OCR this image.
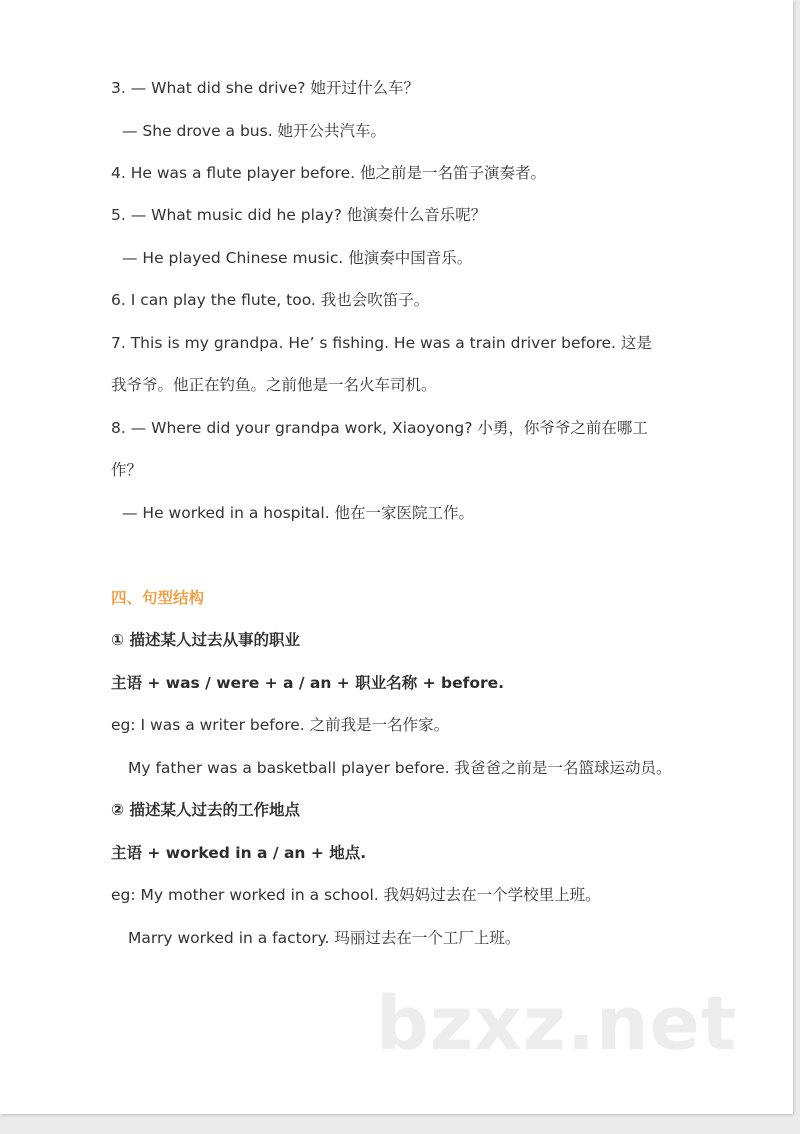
3. — What did she drive? 她开过什么车？
— She drove a bus. 她开公共汽车。
4. He was a flute player before. 他之前是一名笛子演奏者。
5. — What music did he play? 他演奏什么音乐呢？
— He played Chinese music. 他演奏中国音乐。
6. I can play the flute, too. 我也会吹笛子。
7. This is my grandpa. He’ s fishing. He was a train driver before. 这是
我爷爷。他正在钓鱼。之前他是一名火车司机。
8. — Where did your grandpa work, Xiaoyong? 小勇，你爷爷之前在哪工
作？
— He worked in a hospital. 他在一家医院工作。
四、句型结构
① 描述某人过去从事的职业
主语 + was / were + a / an + 职业名称 + before.
eg: I was a writer before. 之前我是一名作家。
My father was a basketball player before. 我爸爸之前是一名篮球运动员。
② 描述某人过去的工作地点
主语 + worked in a / an + 地点.
eg: My mother worked in a school. 我妈妈过去在一个学校里上班。
Marry worked in a factory. 玛丽过去在一个工厂上班。
bzxz.net
